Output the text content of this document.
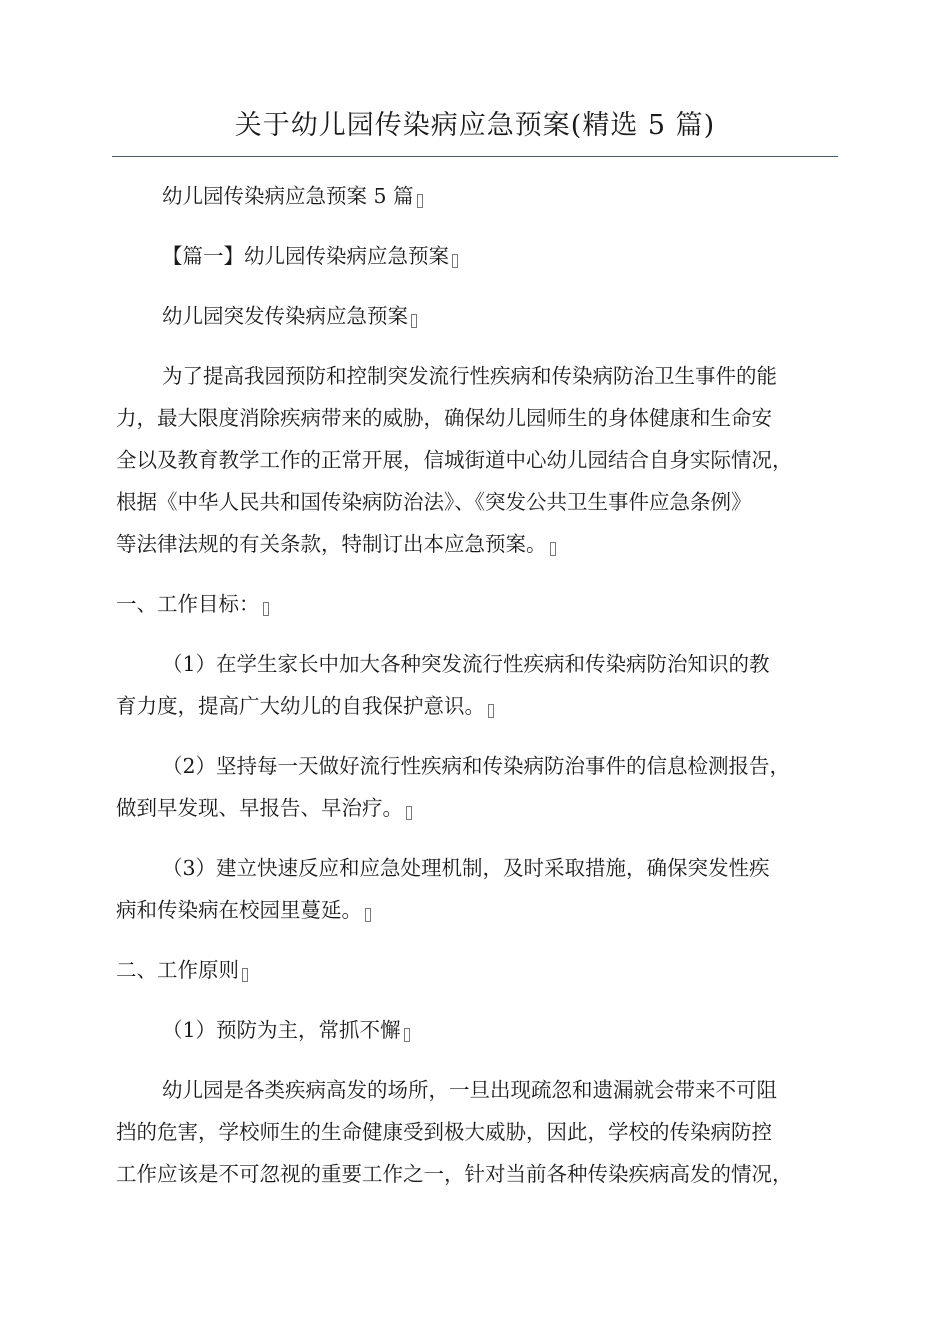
关于幼儿园传染病应急预案(精选 5 篇)
幼儿园传染病应急预案 5 篇
【篇一】幼儿园传染病应急预案
幼儿园突发传染病应急预案
为了提高我园预防和控制突发流行性疾病和传染病防治卫生事件的能
力，最大限度消除疾病带来的威胁，确保幼儿园师生的身体健康和生命安
全以及教育教学工作的正常开展，信城街道中心幼儿园结合自身实际情况，
根据《中华人民共和国传染病防治法》、《突发公共卫生事件应急条例》
等法律法规的有关条款，特制订出本应急预案。
一、工作目标：
（1）在学生家长中加大各种突发流行性疾病和传染病防治知识的教
育力度，提高广大幼儿的自我保护意识。
（2）坚持每一天做好流行性疾病和传染病防治事件的信息检测报告，
做到早发现、早报告、早治疗。
（3）建立快速反应和应急处理机制，及时采取措施，确保突发性疾
病和传染病在校园里蔓延。
二、工作原则
（1）预防为主，常抓不懈
幼儿园是各类疾病高发的场所，一旦出现疏忽和遗漏就会带来不可阻
挡的危害，学校师生的生命健康受到极大威胁，因此，学校的传染病防控
工作应该是不可忽视的重要工作之一，针对当前各种传染疾病高发的情况，
